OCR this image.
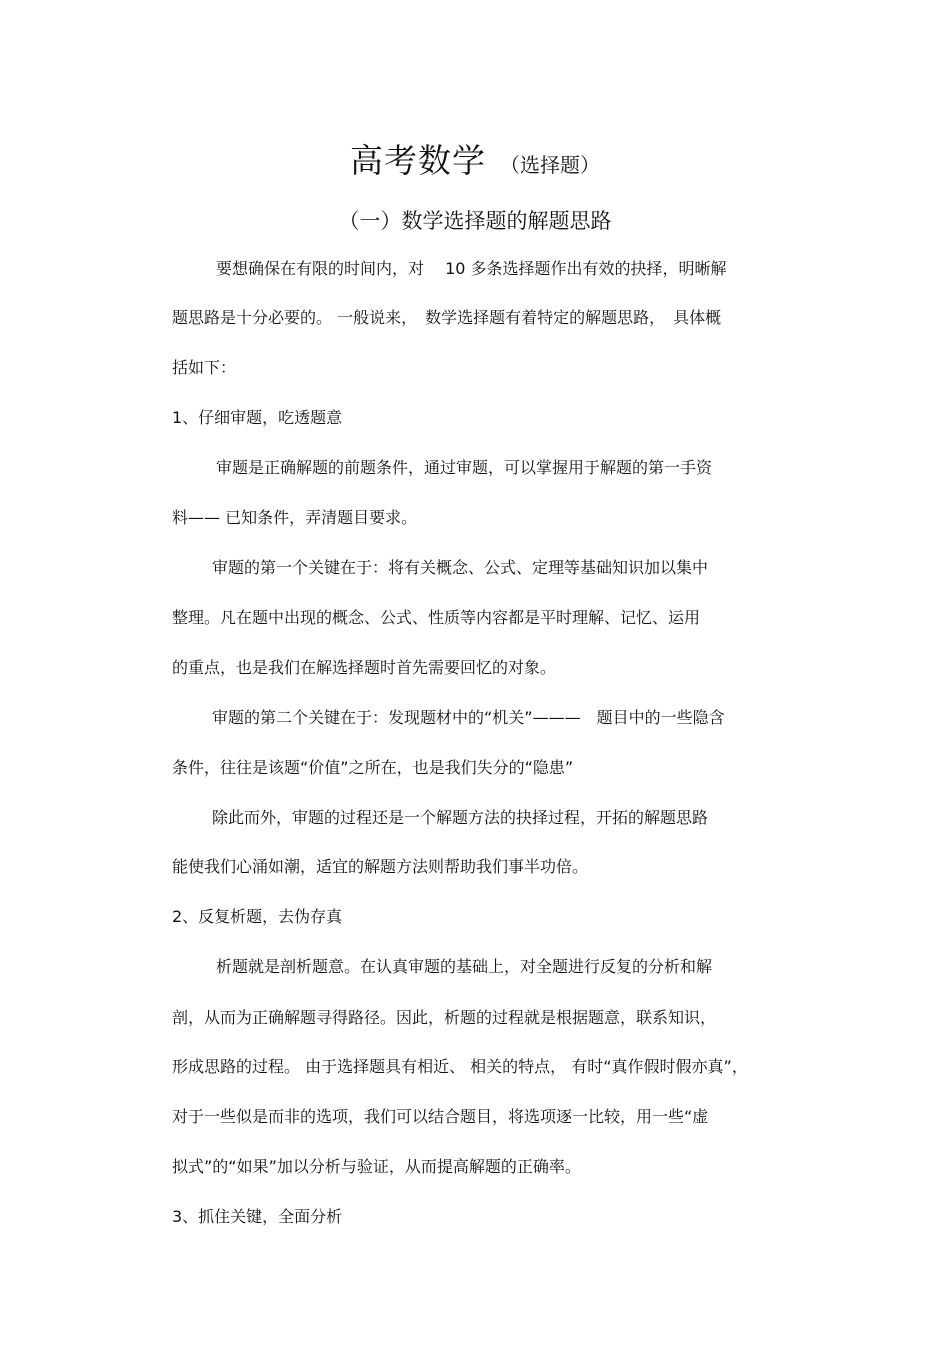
高考数学 （选择题）
（一）数学选择题的解题思路
要想确保在有限的时间内，对　 10 多条选择题作出有效的抉择，明晰解
题思路是十分必要的。 一般说来，　数学选择题有着特定的解题思路，　具体概
括如下：
1、仔细审题，吃透题意
审题是正确解题的前题条件，通过审题，可以掌握用于解题的第一手资
料—— 已知条件，弄清题目要求。
审题的第一个关键在于：将有关概念、公式、定理等基础知识加以集中
整理。凡在题中出现的概念、公式、性质等内容都是平时理解、记忆、运用
的重点，也是我们在解选择题时首先需要回忆的对象。
审题的第二个关键在于：发现题材中的“机关”———　题目中的一些隐含
条件，往往是该题“价值”之所在，也是我们失分的“隐患”
除此而外，审题的过程还是一个解题方法的抉择过程，开拓的解题思路
能使我们心涌如潮，适宜的解题方法则帮助我们事半功倍。
2、反复析题，去伪存真
析题就是剖析题意。在认真审题的基础上，对全题进行反复的分析和解
剖，从而为正确解题寻得路径。因此，析题的过程就是根据题意，联系知识，
形成思路的过程。 由于选择题具有相近、 相关的特点， 有时“真作假时假亦真”，
对于一些似是而非的选项，我们可以结合题目，将选项逐一比较，用一些“虚
拟式”的“如果”加以分析与验证，从而提高解题的正确率。
3、抓住关键，全面分析
